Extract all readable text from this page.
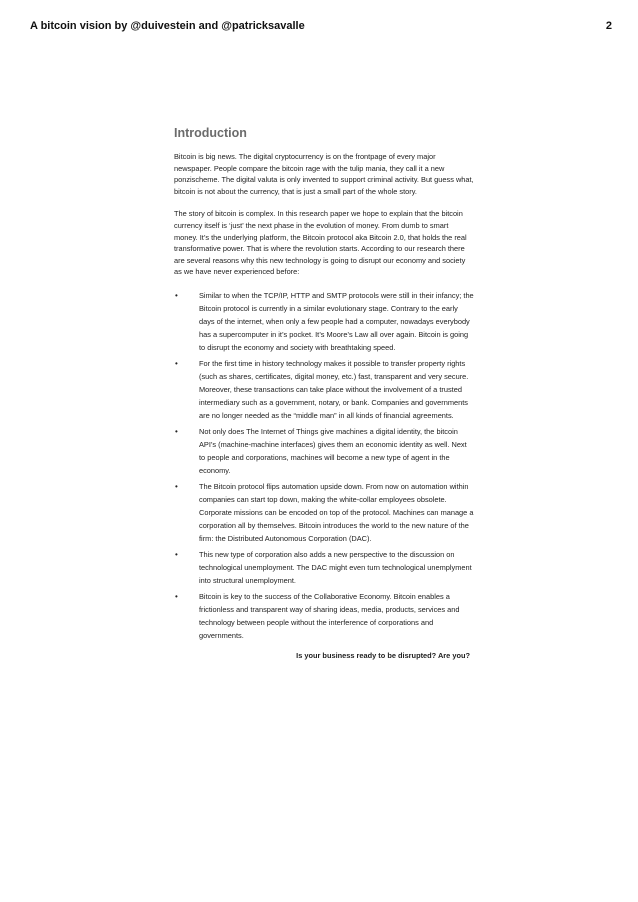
A bitcoin vision by @duivestein and @patricksavalle	2
Introduction

Bitcoin is big news. The digital cryptocurrency is on the frontpage of every major newspaper. People compare the bitcoin rage with the tulip mania, they call it a new ponzischeme. The digital valuta is only invented to support criminal activity. But guess what, bitcoin is not about the currency, that is just a small part of the whole story.

The story of bitcoin is complex. In this research paper we hope to explain that the bitcoin currency itself is ‘just’ the next phase in the evolution of money. From dumb to smart money. It’s the underlying platform, the Bitcoin protocol aka Bitcoin 2.0, that holds the real transformative power. That is where the revolution starts. According to our research there are several reasons why this new technology is going to disrupt our economy and society as we have never experienced before:

•	Similar to when the TCP/IP, HTTP and SMTP protocols were still in their infancy; the Bitcoin protocol is currently in a similar evolutionary stage. Contrary to the early days of the internet, when only a few people had a computer, nowadays everybody has a supercomputer in it’s pocket. It’s Moore’s Law all over again. Bitcoin is going to disrupt the economy and society with breathtaking speed.
•	For the first time in history technology makes it possible to transfer property rights (such as shares, certificates, digital money, etc.) fast, transparent and very secure. Moreover, these transactions can take place without the involvement of a trusted intermediary such as a government, notary, or bank. Companies and governments are no longer needed as the “middle man” in all kinds of financial agreements.
•	Not only does The Internet of Things give machines a digital identity, the bitcoin API’s (machine-machine interfaces) gives them an economic identity as well. Next to people and corporations, machines will become a new type of agent in the economy.
•	The Bitcoin protocol flips automation upside down. From now on automation within companies can start top down, making the white-collar employees obsolete. Corporate missions can be encoded on top of the protocol. Machines can manage a corporation all by themselves. Bitcoin introduces the world to the new nature of the firm: the Distributed Autonomous Corporation (DAC).
•	This new type of corporation also adds a new perspective to the discussion on technological unemployment. The DAC might even turn technological unemplyment into structural unemployment.
•	Bitcoin is key to the success of the Collaborative Economy. Bitcoin enables a frictionless and transparent way of sharing ideas, media, products, services and technology between people without the interference of corporations and governments.

Is your business ready to be disrupted? Are you?
